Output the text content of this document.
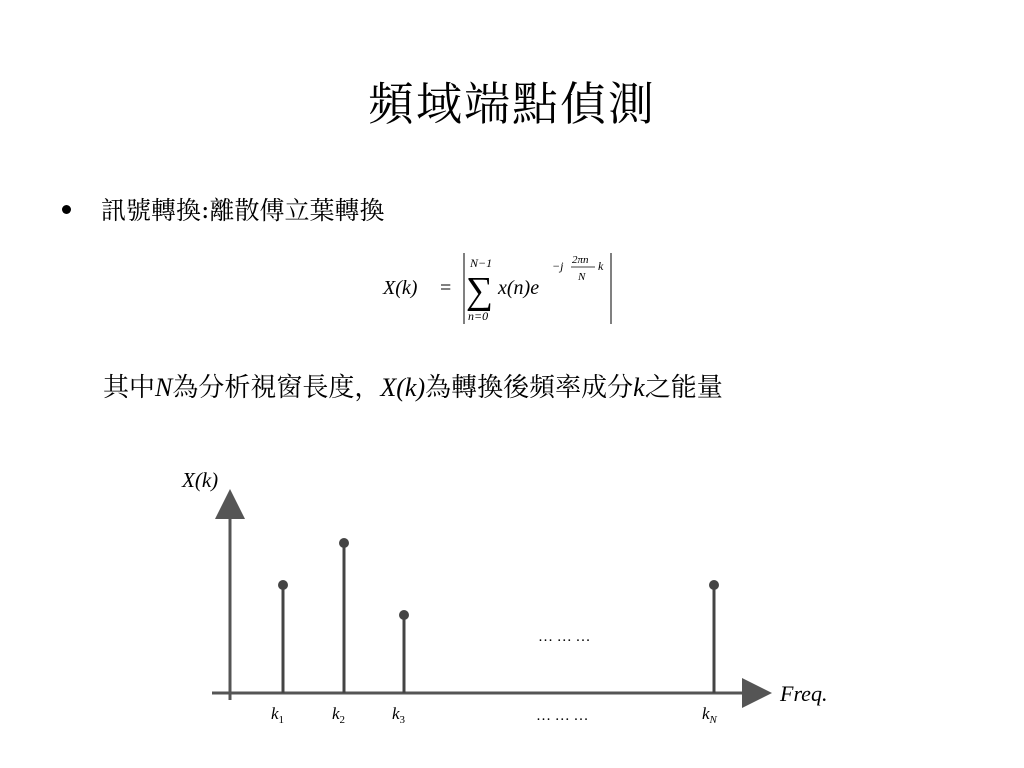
頻域端點偵測
訊號轉換 : 離散傅立葉轉換
X(k) =
N−1
∑
n=0
x(n)e
−j 2πn
N
k
其中N為分析視窗長度，X(k)為轉換後頻率成分k之能量
X(k)
Freq.
… … …
… … …
$k_1$	$k_2$	$k_3$	$k_N$
